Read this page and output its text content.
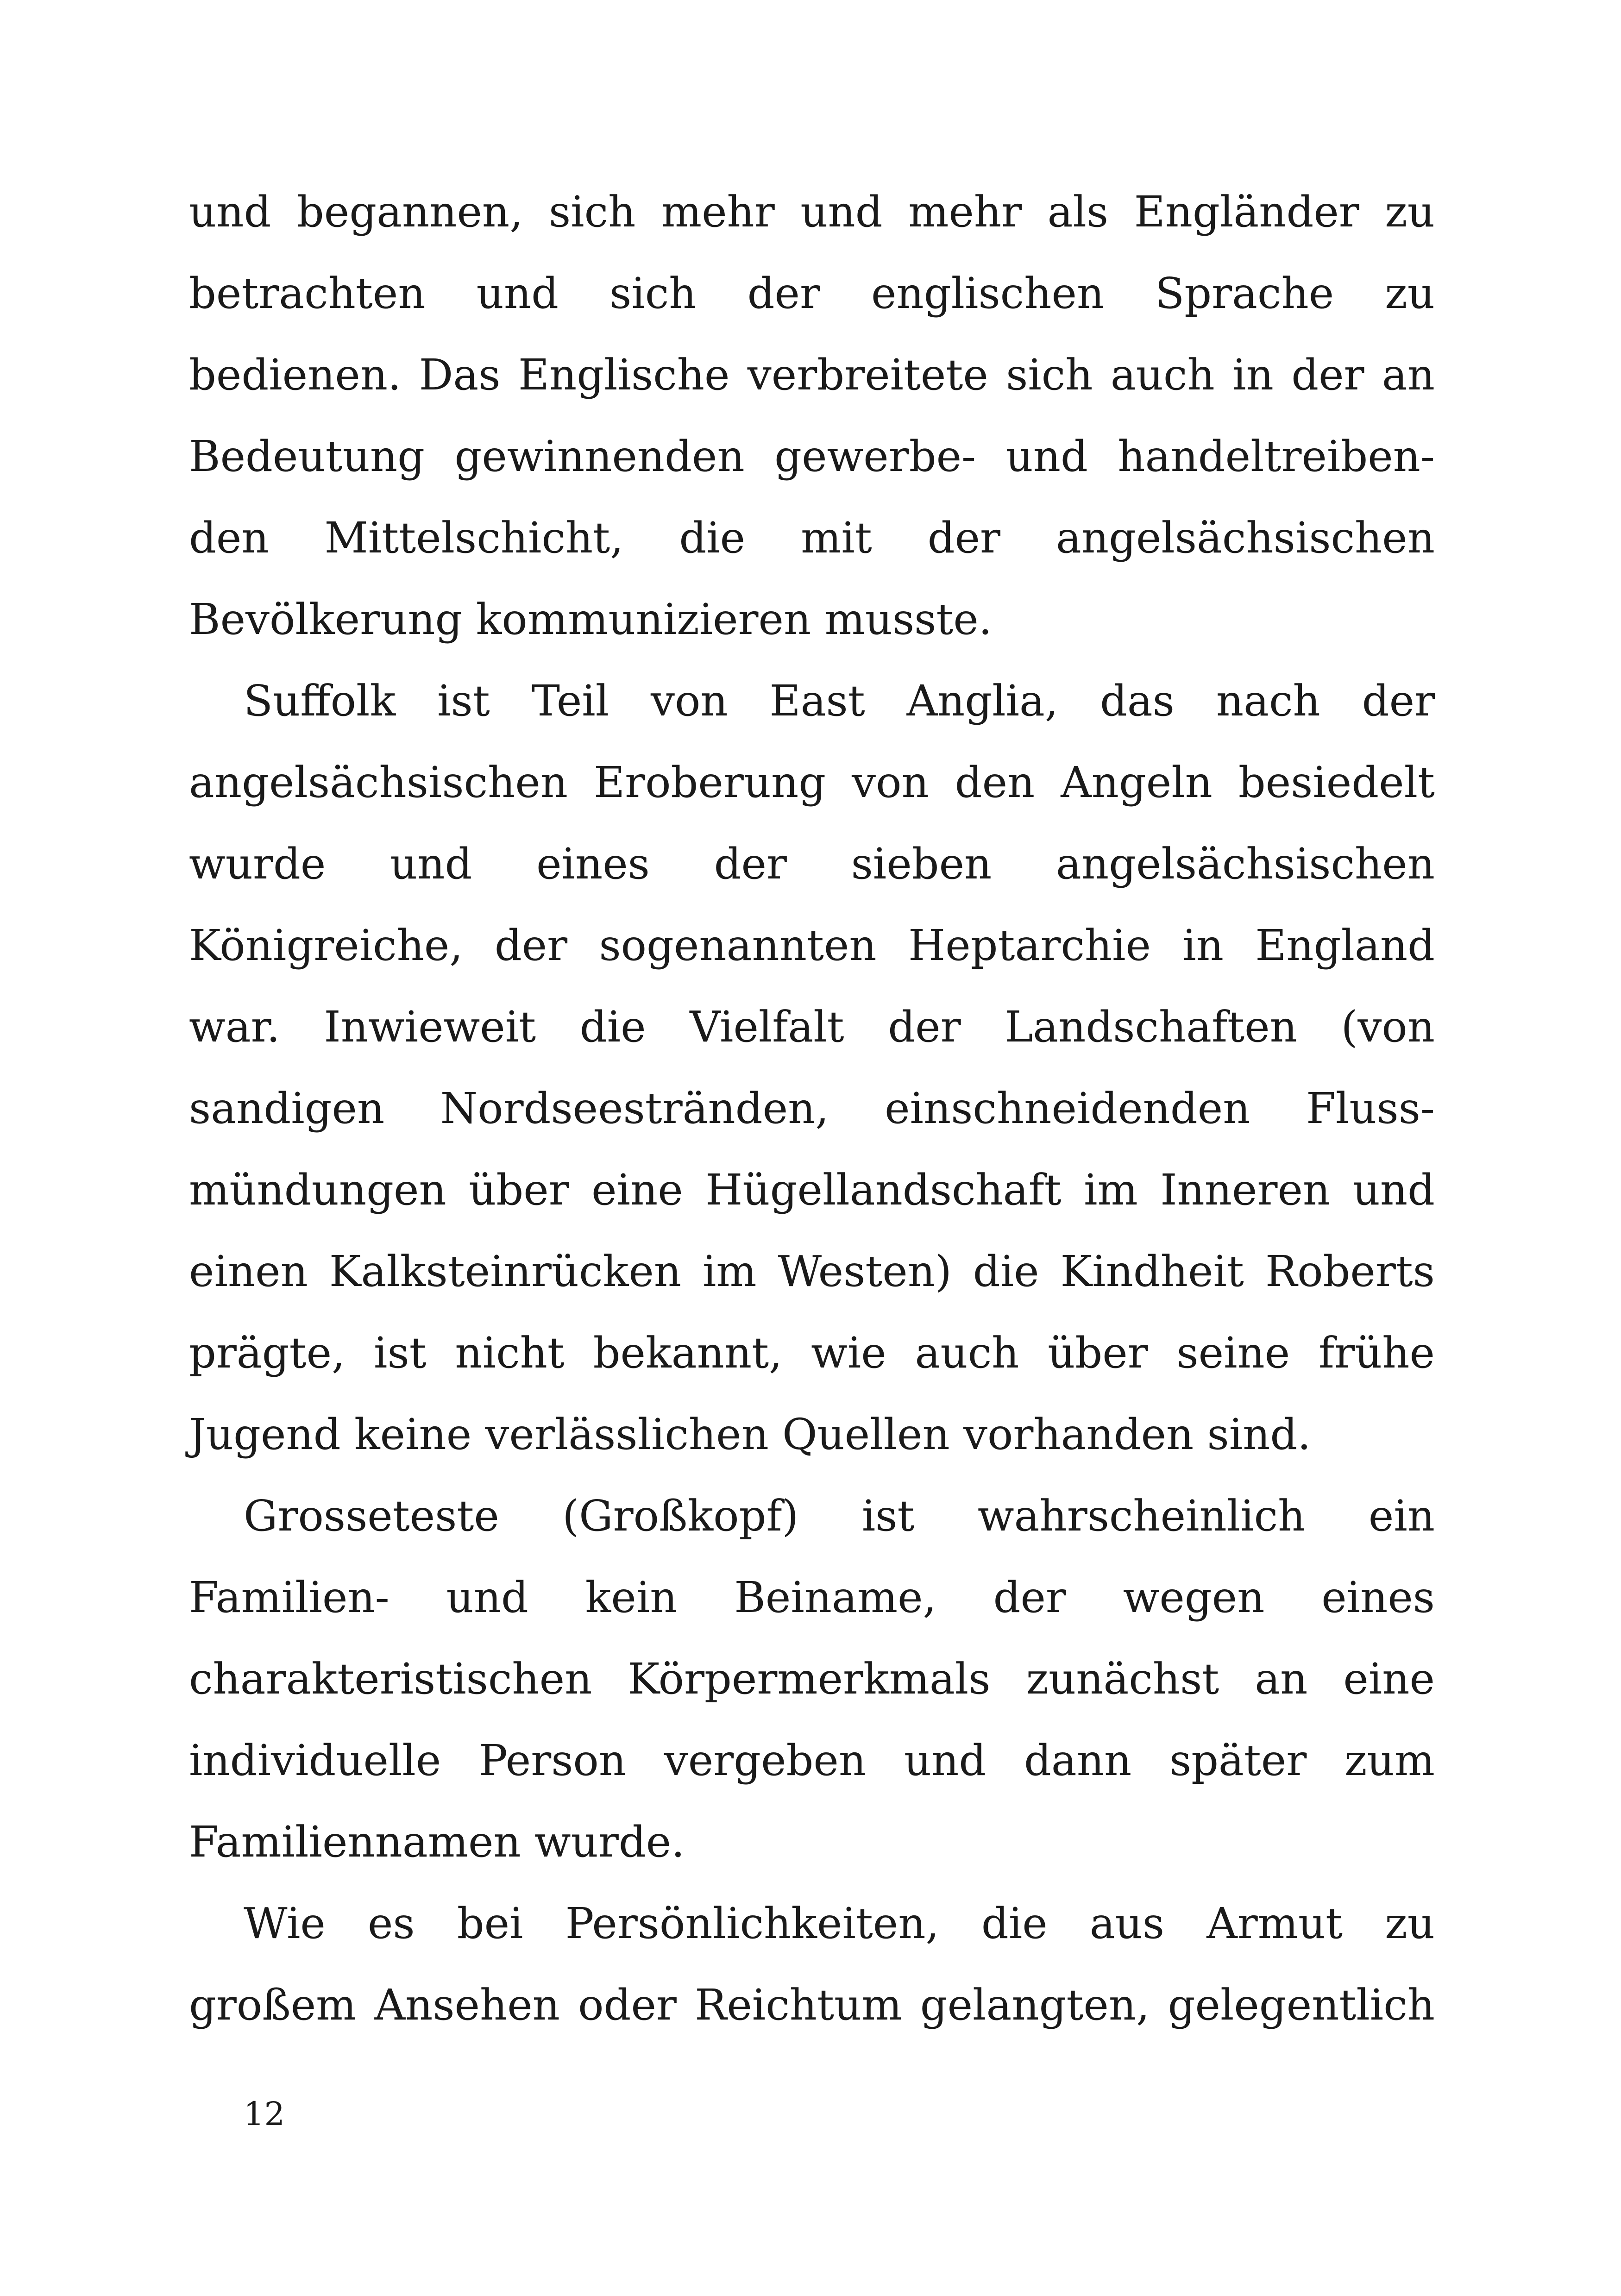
und begannen, sich mehr und mehr als Engländer zu
betrachten und sich der englischen Sprache zu
bedienen. Das Englische verbreitete sich auch in der an
Bedeutung gewinnenden gewerbe- und handeltreiben-
den Mittelschicht, die mit der angelsächsischen
Bevölkerung kommunizieren musste.
Suffolk ist Teil von East Anglia, das nach der
angelsächsischen Eroberung von den Angeln besiedelt
wurde und eines der sieben angelsächsischen
Königreiche, der sogenannten Heptarchie in England
war. Inwieweit die Vielfalt der Landschaften (von
sandigen Nordseestränden, einschneidenden Fluss-
mündungen über eine Hügellandschaft im Inneren und
einen Kalksteinrücken im Westen) die Kindheit Roberts
prägte, ist nicht bekannt, wie auch über seine frühe
Jugend keine verlässlichen Quellen vorhanden sind.
Grosseteste (Großkopf) ist wahrscheinlich ein
Familien- und kein Beiname, der wegen eines
charakteristischen Körpermerkmals zunächst an eine
individuelle Person vergeben und dann später zum
Familiennamen wurde.
Wie es bei Persönlichkeiten, die aus Armut zu
großem Ansehen oder Reichtum gelangten, gelegentlich
12
